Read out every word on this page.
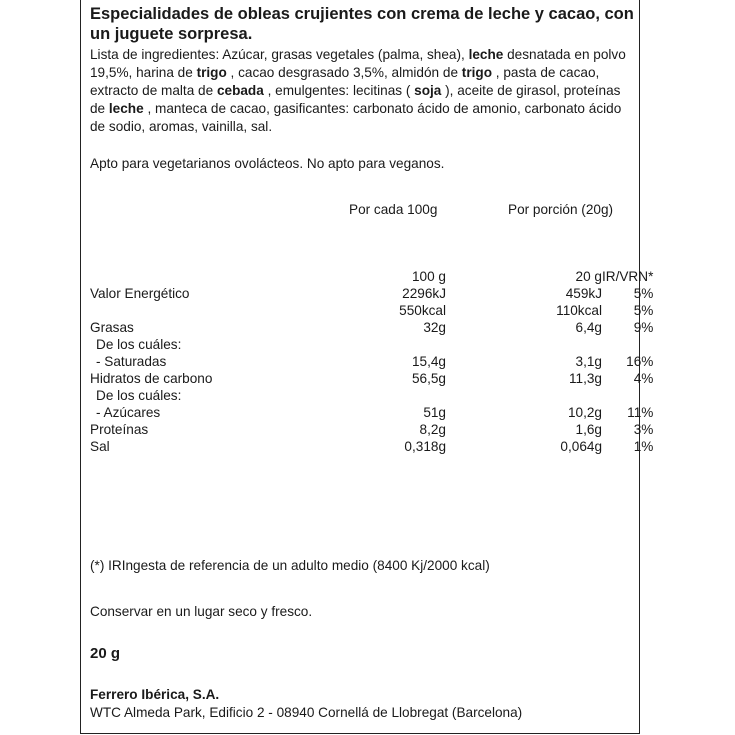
Especialidades de obleas crujientes con crema de leche y cacao, con un juguete sorpresa.

Lista de ingredientes: Azúcar, grasas vegetales (palma, shea), leche desnatada en polvo 19,5%, harina de trigo , cacao desgrasado 3,5%, almidón de trigo , pasta de cacao, extracto de malta de cebada , emulgentes: lecitinas ( soja ), aceite de girasol, proteínas de leche , manteca de cacao, gasificantes: carbonato ácido de amonio, carbonato ácido de sodio, aromas, vainilla, sal.

Apto para vegetarianos ovolácteos. No apto para veganos.
Por cada 100g	Por porción (20g)
	100 g	20 g	IR/VRN*
Valor Energético	2296kJ	459kJ	5%
	550kcal	110kcal	5%
Grasas	32g	6,4g	9%
De los cuáles:			
- Saturadas	15,4g	3,1g	16%
Hidratos de carbono	56,5g	11,3g	4%
De los cuáles:			
- Azúcares	51g	10,2g	11%
Proteínas	8,2g	1,6g	3%
Sal	0,318g	0,064g	1%
(*) IRIngesta de referencia de un adulto medio (8400 Kj/2000 kcal)
Conservar en un lugar seco y fresco.
20 g
Ferrero Ibérica, S.A.
WTC Almeda Park, Edificio 2 - 08940 Cornellá de Llobregat (Barcelona)
